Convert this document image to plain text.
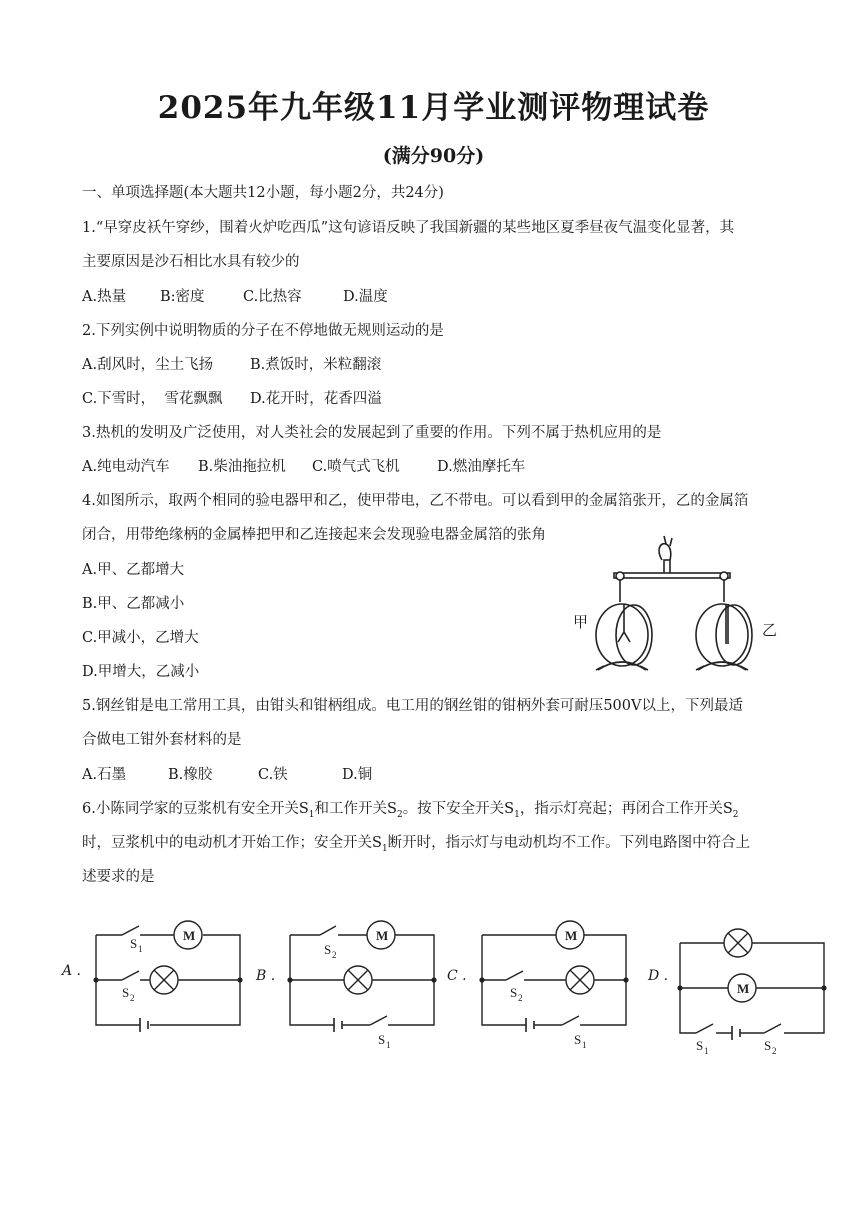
2025年九年级11月学业测评物理试卷
(满分90分)
一、单项选择题(本大题共12小题，每小题2分，共24分)
1.“早穿皮袄午穿纱，围着火炉吃西瓜”这句谚语反映了我国新疆的某些地区夏季昼夜气温变化显著，其
主要原因是沙石相比水具有较少的
A.热量 B:密度	C.比热容	D.温度
2.下列实例中说明物质的分子在不停地做无规则运动的是
A.刮风时，尘土飞扬	B.煮饭时，米粒翻滚
C.下雪时，  雪花飘飘 D.花开时，花香四溢
3.热机的发明及广泛使用，对人类社会的发展起到了重要的作用。下列不属于热机应用的是
A.纯电动汽车 B.柴油拖拉机 C.喷气式飞机	D.燃油摩托车
4.如图所示，取两个相同的验电器甲和乙，使甲带电，乙不带电。可以看到甲的金属箔张开，乙的金属箔
闭合，用带绝缘柄的金属棒把甲和乙连接起来会发现验电器金属箔的张角
A.甲、乙都增大
B.甲、乙都减小
C.甲减小，乙增大
D.甲增大，乙减小
甲	乙
5.钢丝钳是电工常用工具，由钳头和钳柄组成。电工用的钢丝钳的钳柄外套可耐压500V以上，下列最适
合做电工钳外套材料的是
A.石墨	B.橡胶	C.铁	D.铜
6.小陈同学家的豆浆机有安全开关$S_1$和工作开关$S_2$。按下安全开关$S_1$，指示灯亮起；再闭合工作开关$S_2$
时，豆浆机中的电动机才开始工作；安全开关$S_1$断开时，指示灯与电动机均不工作。下列电路图中符合上
述要求的是
A .
M
S 1
S 2
B .
M
S 2
S 1
C .
M
S 2
S 1
D .
M
S 1	S 2
